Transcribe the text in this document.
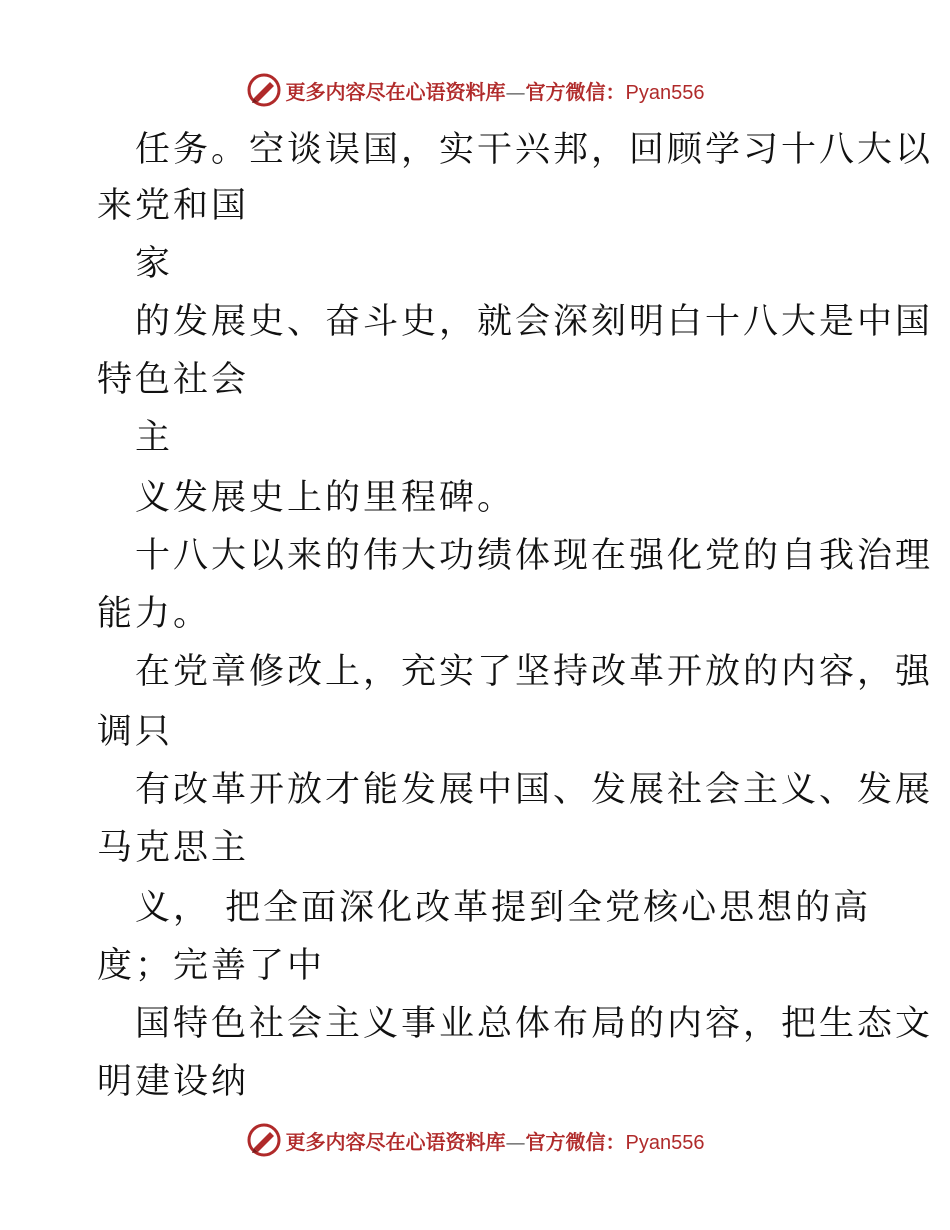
更多内容尽在心语资料库—官方微信：Pyan556
任务。空谈误国，实干兴邦，回顾学习十八大以
来党和国
家
的发展史、奋斗史，就会深刻明白十八大是中国
特色社会
主
义发展史上的里程碑。
十八大以来的伟大功绩体现在强化党的自我治理
能力。
在党章修改上，充实了坚持改革开放的内容，强
调只
有改革开放才能发展中国、发展社会主义、发展
马克思主
义， 把全面深化改革提到全党核心思想的高
度；完善了中
国特色社会主义事业总体布局的内容，把生态文
明建设纳
更多内容尽在心语资料库—官方微信：Pyan556
